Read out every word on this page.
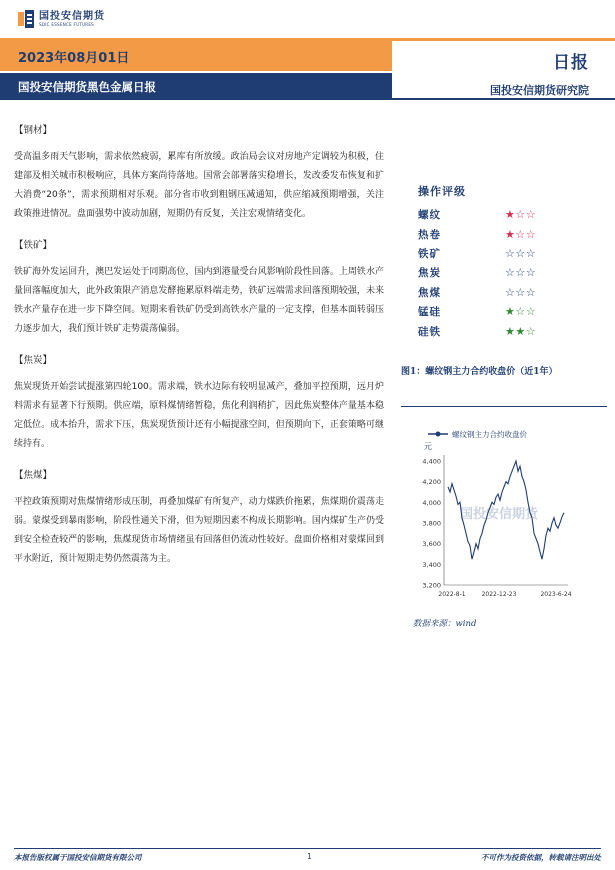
国投安信期货
SDIC ESSENCE FUTURES
2023年08月01日	日报
国投安信期货黑色金属日报	国投安信期货研究院
【钢材】
受高温多雨天气影响，需求依然疲弱，累库有所放缓。政治局会议对房地产定调较为积极，住建部及相关城市积极响应，具体方案尚待落地。国常会部署落实稳增长，发改委发布恢复和扩大消费“20条”，需求预期相对乐观。部分省市收到粗钢压减通知，供应缩减预期增强，关注政策推进情况。盘面强势中波动加剧，短期仍有反复，关注宏观情绪变化。
【铁矿】
铁矿海外发运回升，澳巴发运处于同期高位，国内到港量受台风影响阶段性回落。上周铁水产量回落幅度加大，此外政策限产消息发酵拖累原料端走势，铁矿远端需求回落预期较强，未来铁水产量存在进一步下降空间。短期来看铁矿仍受到高铁水产量的一定支撑，但基本面转弱压力逐步加大，我们预计铁矿走势震荡偏弱。
【焦炭】
焦炭现货开始尝试提涨第四轮100。需求端，铁水边际有较明显减产，叠加平控预期，远月炉料需求有显著下行预期。供应端，原料煤情绪暂稳，焦化利润稍扩，因此焦炭整体产量基本稳定低位。成本抬升，需求下压，焦炭现货预计还有小幅提涨空间，但预期向下，正套策略可继续持有。
【焦煤】
平控政策预期对焦煤情绪形成压制，再叠加煤矿有所复产，动力煤跌价拖累，焦煤期价震荡走弱。蒙煤受到暴雨影响，阶段性通关下滑，但为短期因素不构成长期影响。国内煤矿生产仍受到安全检查较严的影响，焦煤现货市场情绪虽有回落但仍流动性较好。盘面价格相对蒙煤回到平水附近，预计短期走势仍然震荡为主。
操作评级
螺纹	★☆☆
热卷	★☆☆
铁矿	☆☆☆
焦炭	☆☆☆
焦煤	☆☆☆
锰硅	★☆☆
硅铁	★★☆
图1：螺纹钢主力合约收盘价（近1年）
国投安信期货
螺纹钢主力合约收盘价
元
3,200
3,400
3,600
3,800
4,000
4,200
4,400
2022-8-1	2022-12-23	2023-6-24
数据来源：wind
本报告版权属于国投安信期货有限公司	1	不可作为投资依据，转载请注明出处
